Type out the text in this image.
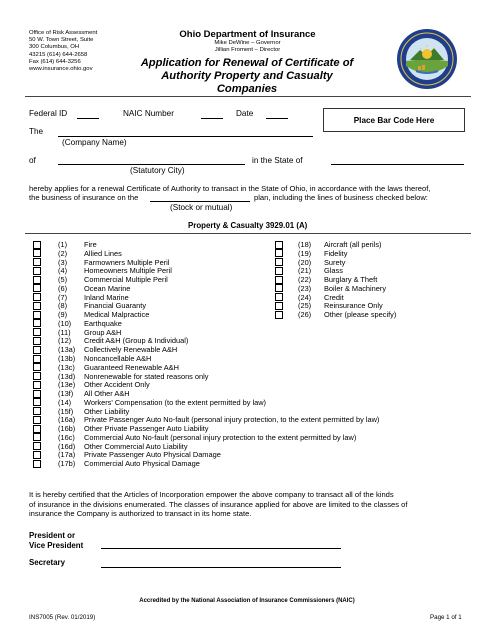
Office of Risk Assessment
50 W. Town Street, Suite
300 Columbus, OH
43215 (614) 644-2658
Fax (614) 644-3256
www.insurance.ohio.gov
Ohio Department of Insurance
Mike DeWine – Governor
Jillian Froment – Director
Application for Renewal of Certificate of
Authority Property and Casualty Companies
Federal ID	NAIC Number	Date
Place Bar Code Here
The
(Company Name)
of	in the State of
(Statutory City)
hereby applies for a renewal Certificate of Authority to transact in the State of Ohio, in accordance with the laws thereof,
the business of insurance on the	plan, including the lines of business checked below:
(Stock or mutual)
Property & Casualty 3929.01 (A)
(1) Fire
(2) Allied Lines
(3) Farmowners Multiple Peril
(4) Homeowners Multiple Peril
(5) Commercial Multiple Peril
(6) Ocean Marine
(7) Inland Marine
(8) Financial Guaranty
(9) Medical Malpractice
(10) Earthquake
(11) Group A&H
(12) Credit A&H (Group & Individual)
(13a) Collectively Renewable A&H
(13b) Noncancellable A&H
(13c) Guaranteed Renewable A&H
(13d) Nonrenewable for stated reasons only
(13e) Other Accident Only
(13f) All Other A&H
(14) Workers' Compensation (to the extent permitted by law)
(15f) Other Liability
(16a) Private Passenger Auto No-fault (personal injury protection, to the extent permitted by law)
(16b) Other Private Passenger Auto Liability
(16c) Commercial Auto No-fault (personal injury protection to the extent permitted by law)
(16d) Other Commercial Auto Liability
(17a) Private Passenger Auto Physical Damage
(17b) Commercial Auto Physical Damage
(18) Aircraft (all perils)
(19) Fidelity
(20) Surety
(21) Glass
(22) Burglary & Theft
(23) Boiler & Machinery
(24) Credit
(25) Reinsurance Only
(26) Other (please specify)
It is hereby certified that the Articles of Incorporation empower the above company to transact all of the kinds
of insurance in the divisions enumerated. The classes of insurance applied for above are limited to the classes of
insurance the Company is authorized to transact in its home state.
President or
Vice President
Secretary
Accredited by the National Association of Insurance Commissioners (NAIC)
INS7005 (Rev. 01/2019)	Page 1 of 1
